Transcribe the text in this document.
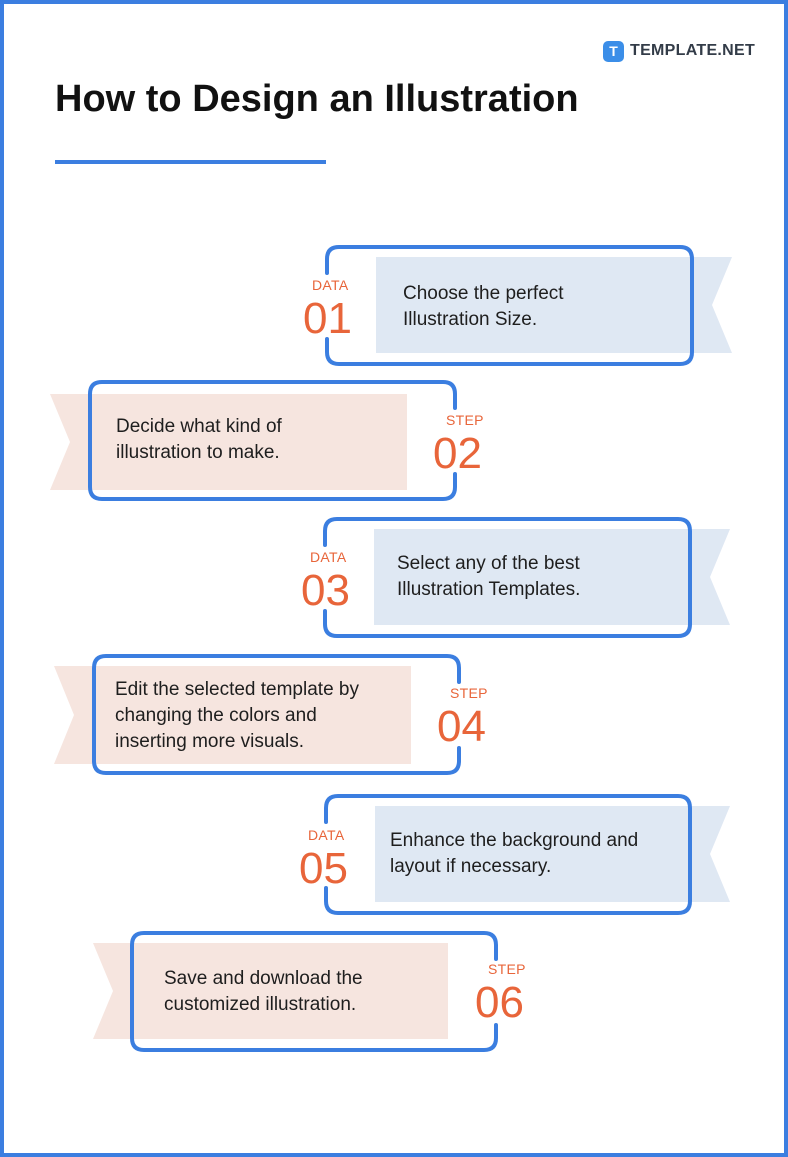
T TEMPLATE.NET
How to Design an Illustration
DATA
01

Choose the perfect
Illustration Size.

STEP
02

Decide what kind of
illustration to make.

DATA
03

Select any of the best
Illustration Templates.

STEP
04

Edit the selected template by
changing the colors and
inserting more visuals.

DATA
05

Enhance the background and
layout if necessary.

STEP
06

Save and download the
customized illustration.
